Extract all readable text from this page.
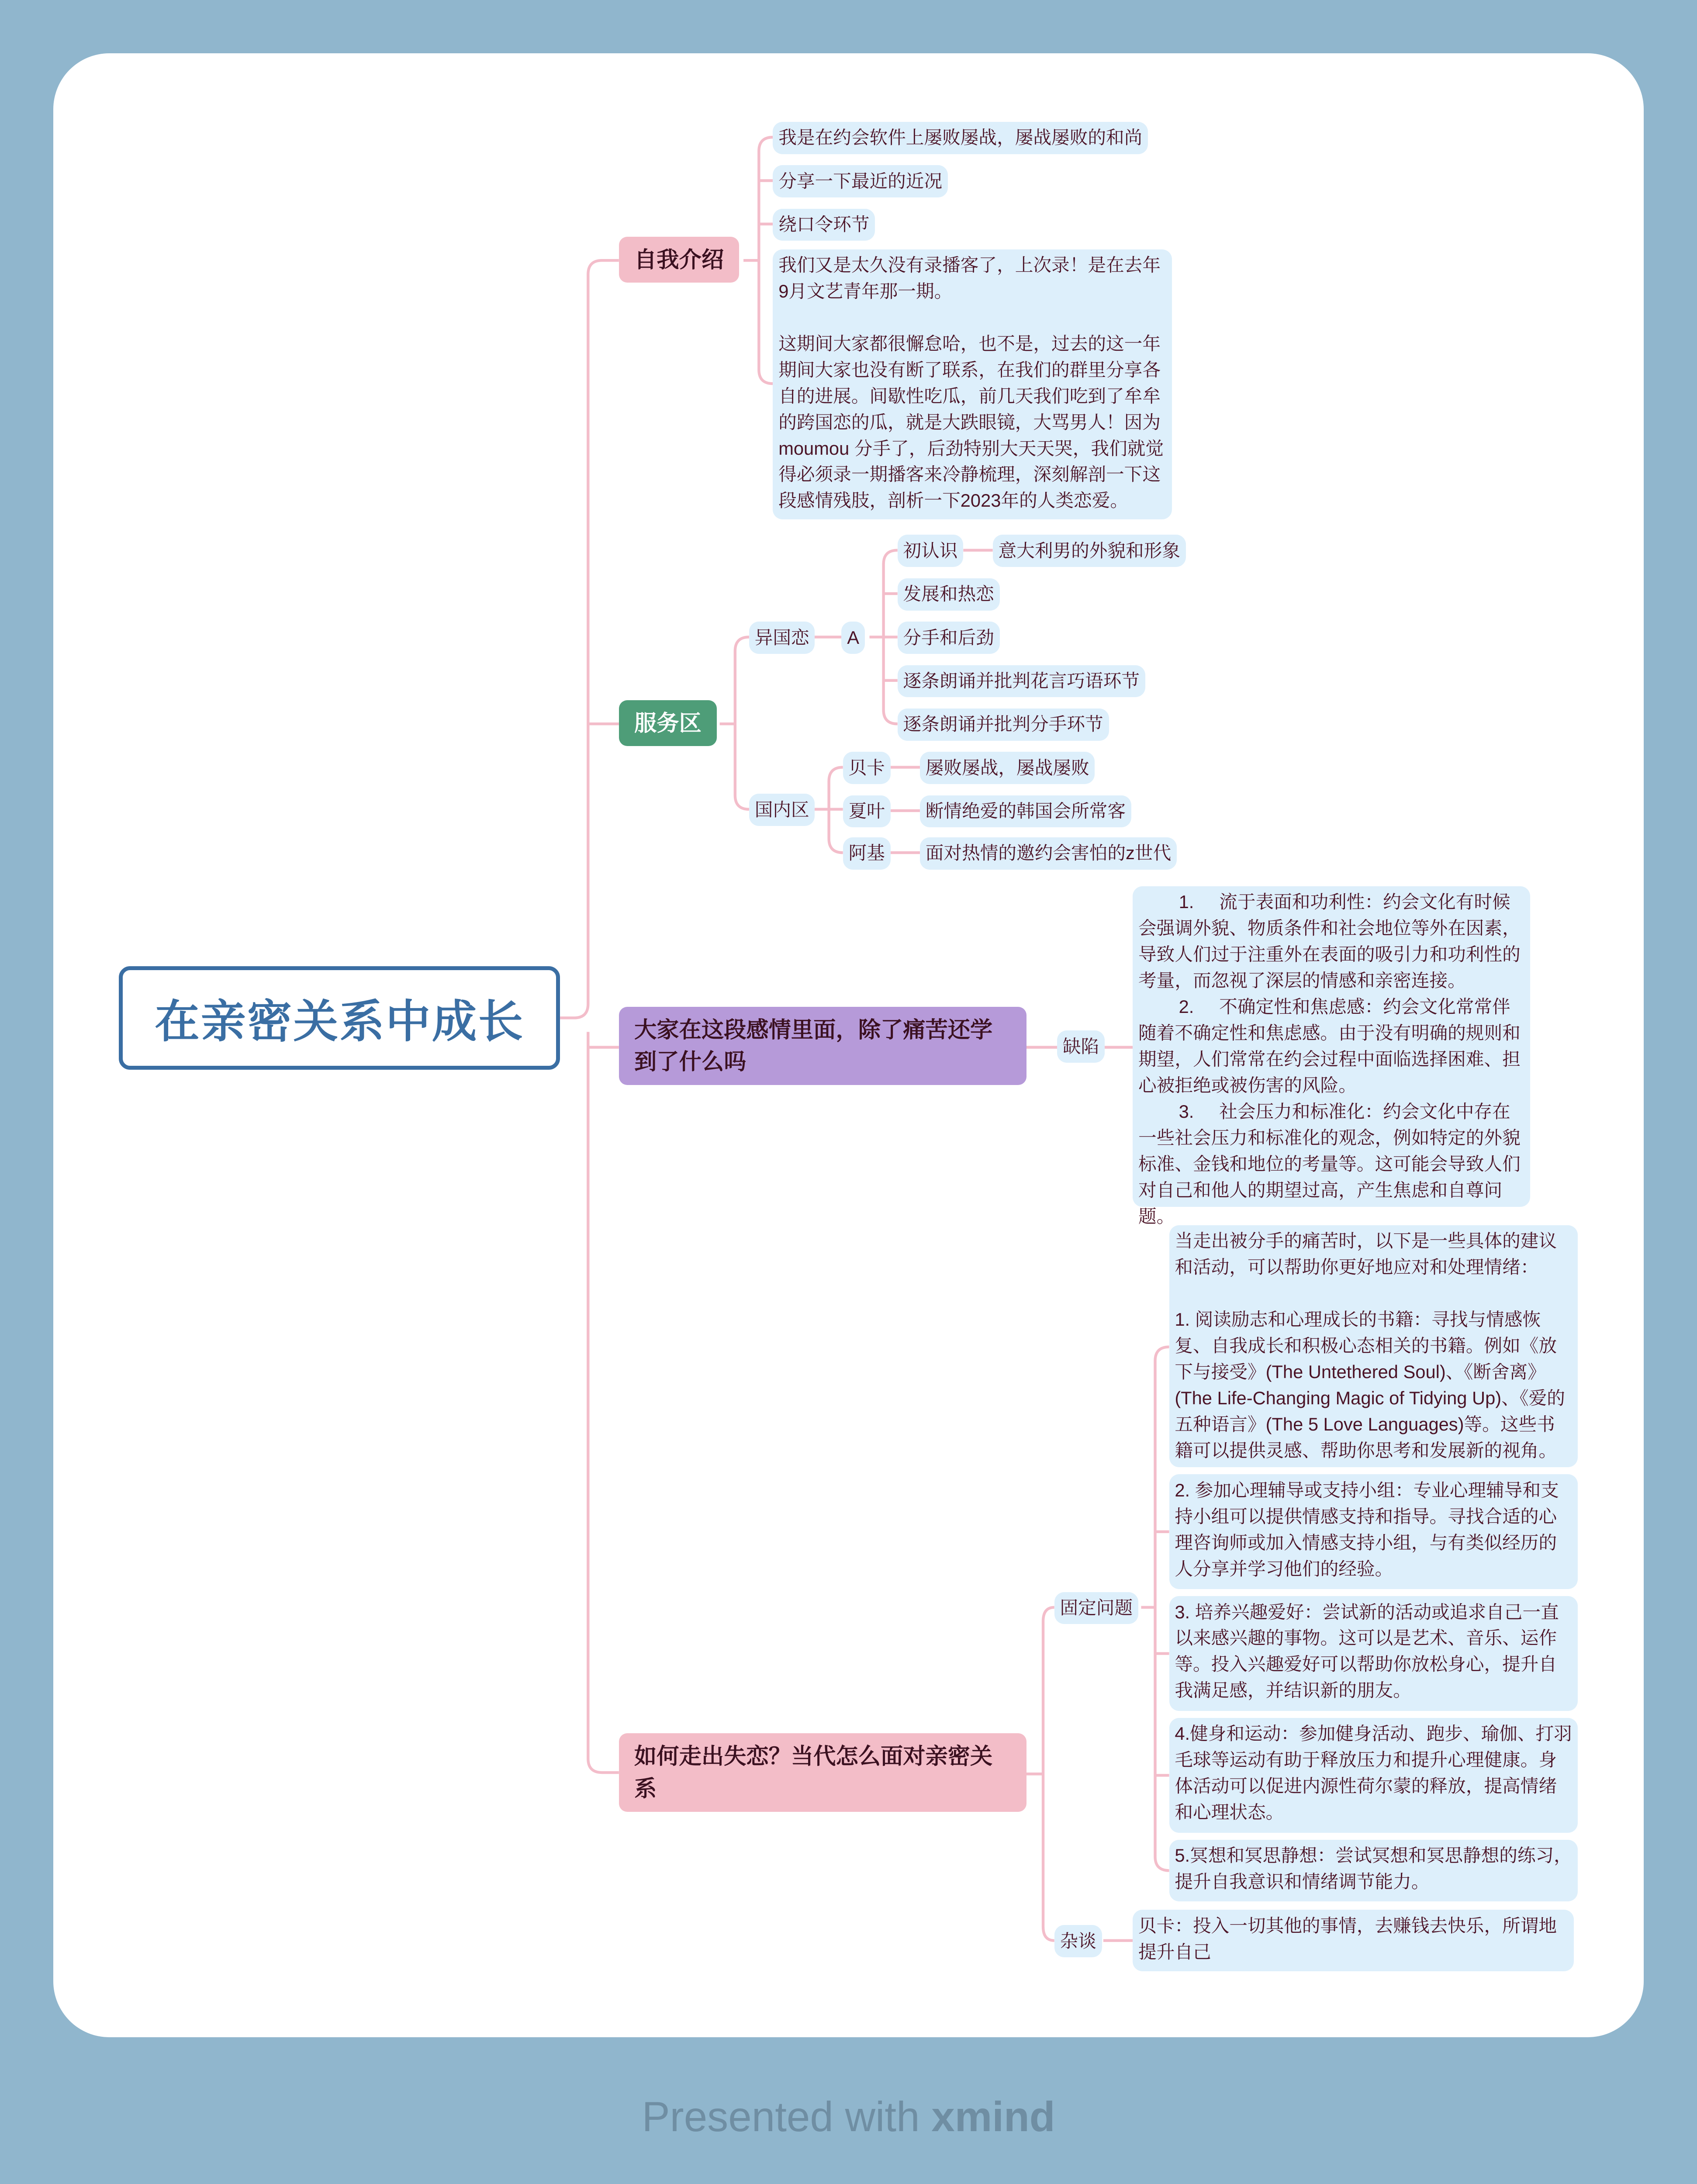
在亲密关系中成长
自我介绍
服务区
大家在这段感情里面，除了痛苦还学到了什么吗
如何走出失恋？当代怎么面对亲密关系
我是在约会软件上屡败屡战，屡战屡败的和尚
分享一下最近的近况
绕口令环节
我们又是太久没有录播客了，上次录！是在去年9月文艺青年那一期。

这期间大家都很懈怠哈，也不是，过去的这一年期间大家也没有断了联系，在我们的群里分享各自的进展。间歇性吃瓜，前几天我们吃到了牟牟的跨国恋的瓜，就是大跌眼镜，大骂男人！因为moumou 分手了，后劲特别大天天哭，我们就觉得必须录一期播客来冷静梳理，深刻解剖一下这段感情残肢，剖析一下2023年的人类恋爱。
异国恋	A
初认识	意大利男的外貌和形象
发展和热恋
分手和后劲
逐条朗诵并批判花言巧语环节
逐条朗诵并批判分手环节
国内区
贝卡	屡败屡战，屡战屡败
夏叶	断情绝爱的韩国会所常客
阿基	面对热情的邀约会害怕的z世代
缺陷
1.     流于表面和功利性：约会文化有时候会强调外貌、物质条件和社会地位等外在因素，导致人们过于注重外在表面的吸引力和功利性的考量，而忽视了深层的情感和亲密连接。
2.     不确定性和焦虑感：约会文化常常伴随着不确定性和焦虑感。由于没有明确的规则和期望，人们常常在约会过程中面临选择困难、担心被拒绝或被伤害的风险。
3.     社会压力和标准化：约会文化中存在一些社会压力和标准化的观念，例如特定的外貌标准、金钱和地位的考量等。这可能会导致人们对自己和他人的期望过高，产生焦虑和自尊问题。
固定问题
当走出被分手的痛苦时，以下是一些具体的建议和活动，可以帮助你更好地应对和处理情绪：

1. 阅读励志和心理成长的书籍：寻找与情感恢复、自我成长和积极心态相关的书籍。例如《放下与接受》(The Untethered Soul)、《断舍离》(The Life-Changing Magic of Tidying Up)、《爱的五种语言》(The 5 Love Languages)等。这些书籍可以提供灵感、帮助你思考和发展新的视角。
2. 参加心理辅导或支持小组：专业心理辅导和支持小组可以提供情感支持和指导。寻找合适的心理咨询师或加入情感支持小组，与有类似经历的人分享并学习他们的经验。
3. 培养兴趣爱好：尝试新的活动或追求自己一直以来感兴趣的事物。这可以是艺术、音乐、运作等。投入兴趣爱好可以帮助你放松身心，提升自我满足感，并结识新的朋友。
4.健身和运动：参加健身活动、跑步、瑜伽、打羽毛球等运动有助于释放压力和提升心理健康。身体活动可以促进内源性荷尔蒙的释放，提高情绪和心理状态。
5.冥想和冥思静想：尝试冥想和冥思静想的练习，提升自我意识和情绪调节能力。
杂谈
贝卡：投入一切其他的事情，去赚钱去快乐，所谓地提升自己
Presented with xmind
